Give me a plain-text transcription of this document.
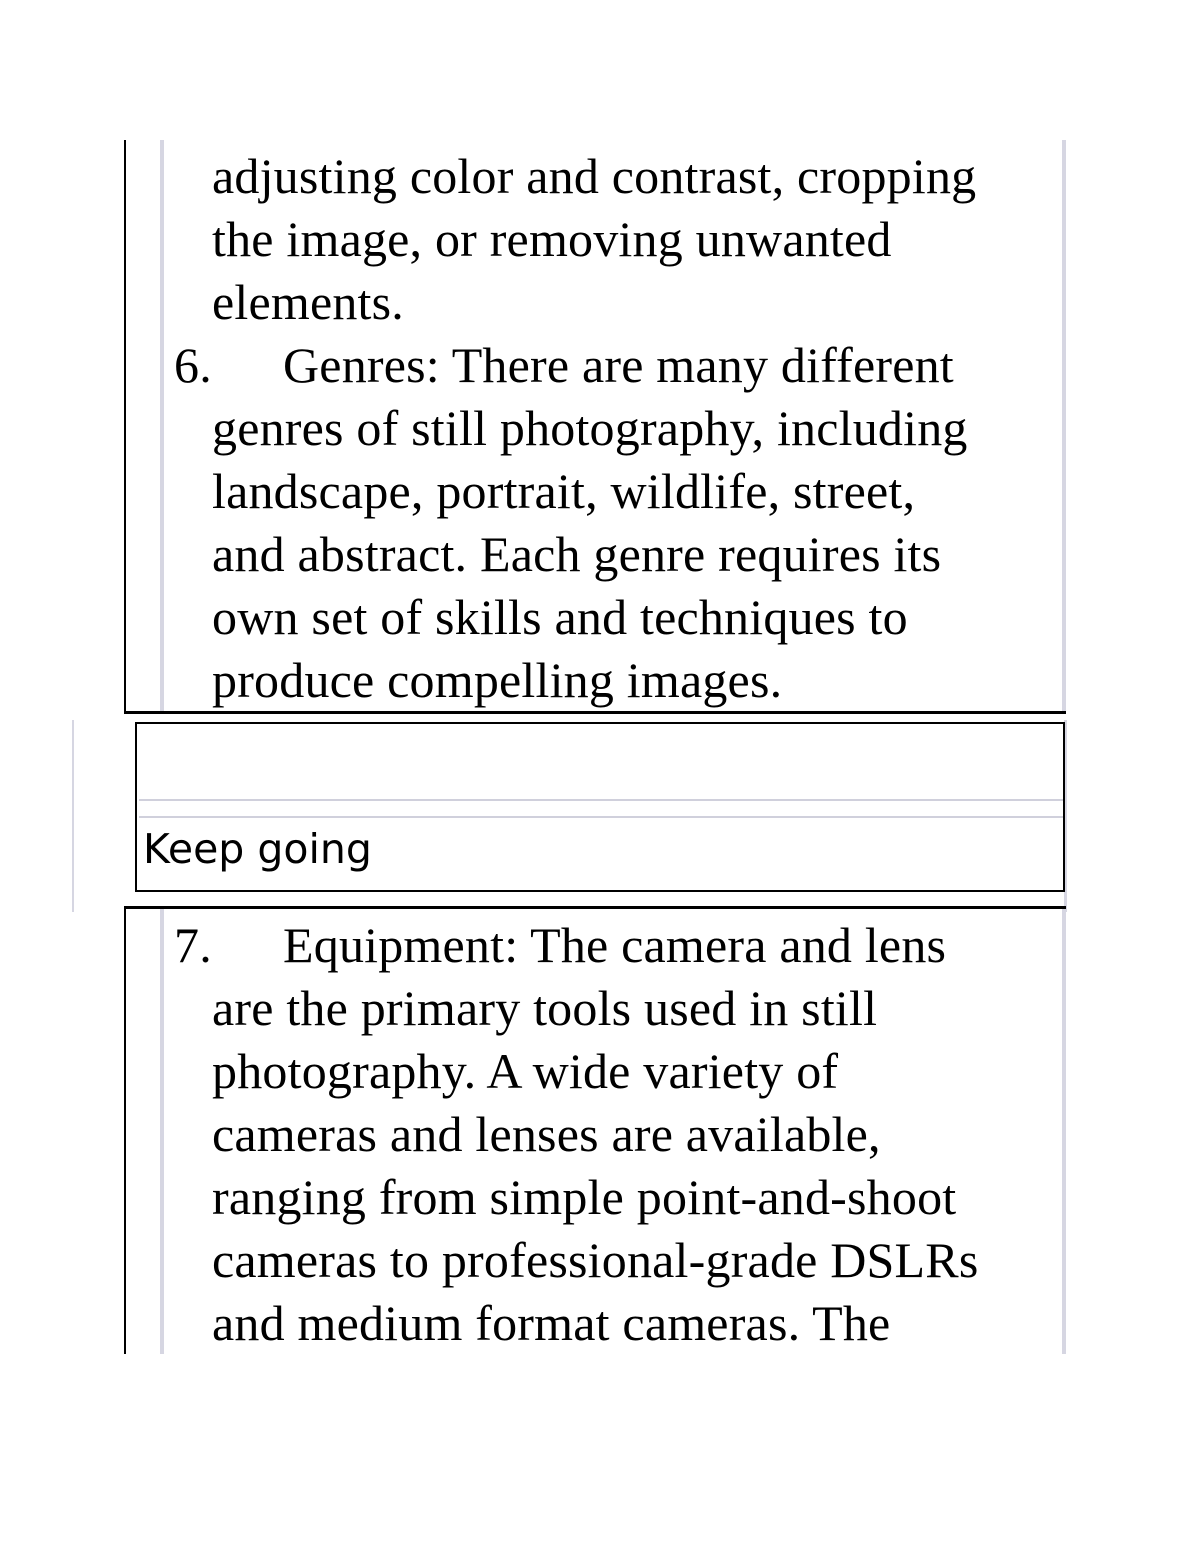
adjusting color and contrast, cropping
the image, or removing unwanted
elements.
6. Genres: There are many different
genres of still photography, including
landscape, portrait, wildlife, street,
and abstract. Each genre requires its
own set of skills and techniques to
produce compelling images.
Keep going
7. Equipment: The camera and lens
are the primary tools used in still
photography. A wide variety of
cameras and lenses are available,
ranging from simple point-and-shoot
cameras to professional-grade DSLRs
and medium format cameras. The
